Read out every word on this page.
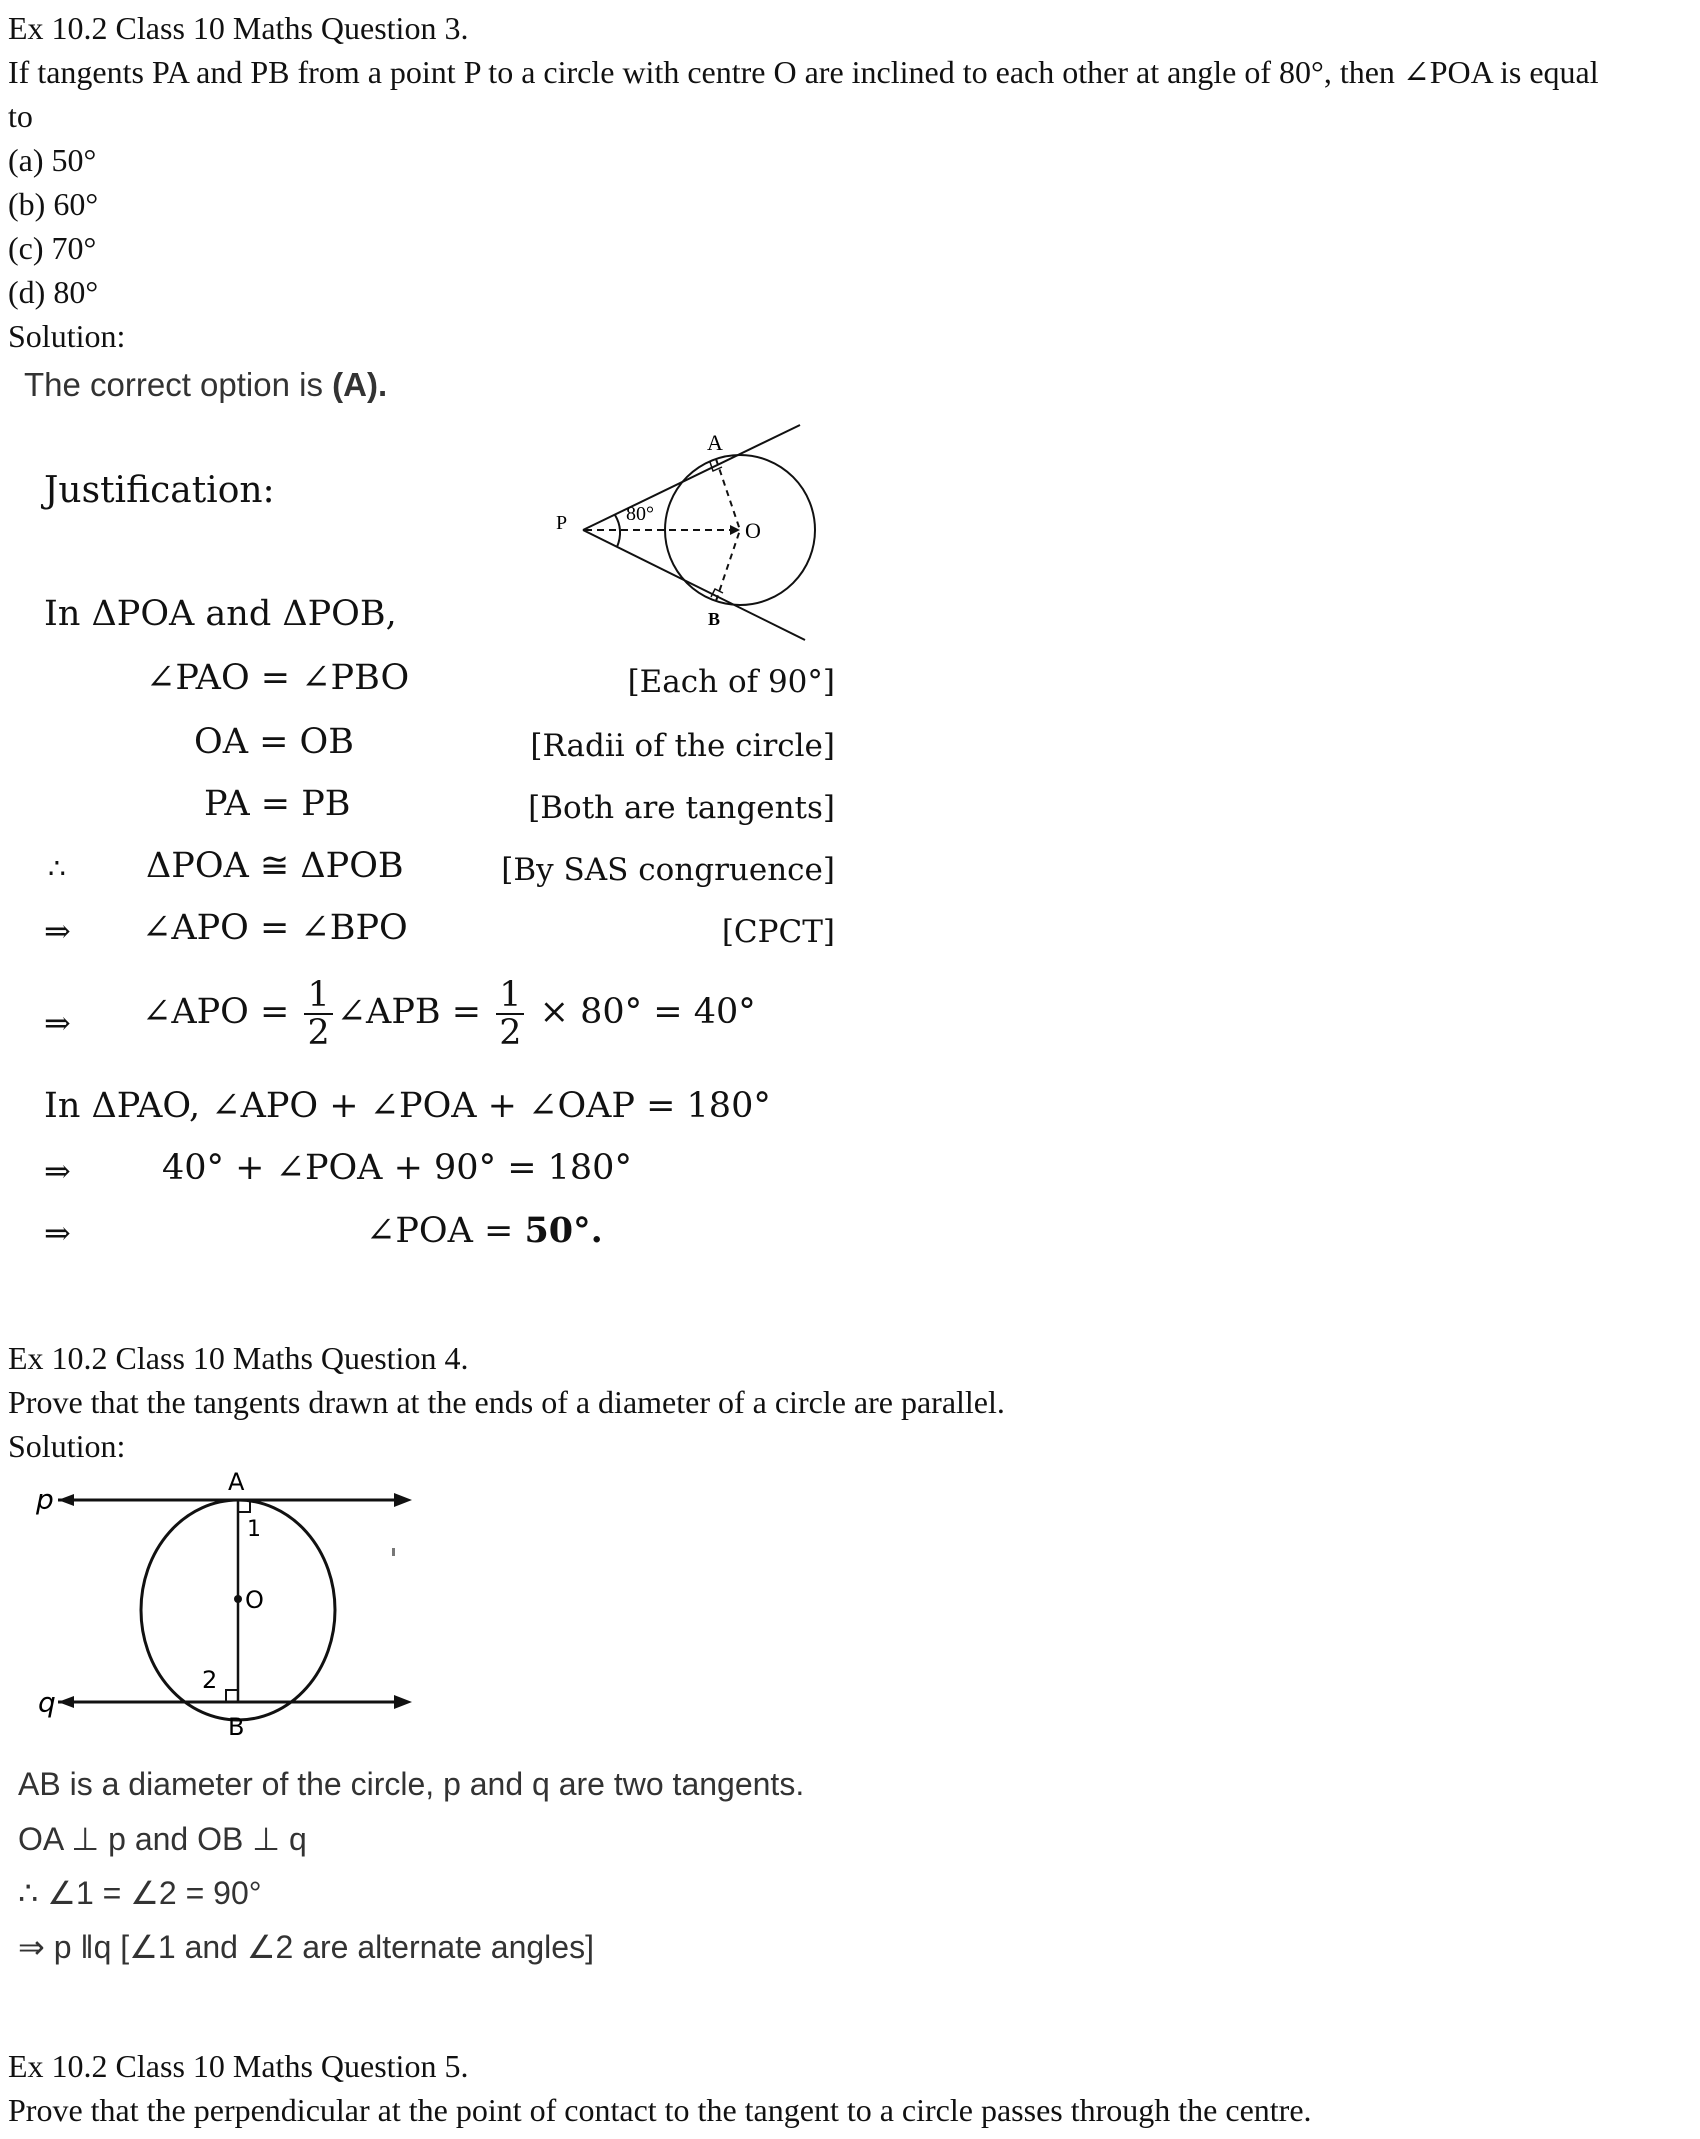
Ex 10.2 Class 10 Maths Question 3.
If tangents PA and PB from a point P to a circle with centre O are inclined to each other at angle of 80°, then ∠POA is equal
to
(a) 50°
(b) 60°
(c) 70°
(d) 80°
Solution:
The correct option is (A).
Justification:
A
P	O
B
80°
In ΔPOA and ΔPOB,
∠PAO = ∠PBO	[Each of 90°]
OA = OB	[Radii of the circle]
PA = PB	[Both are tangents]
∴ ΔPOA ≅ ΔPOB	[By SAS congruence]
⇒ ∠APO = ∠BPO	[CPCT]
⇒ ∠APO = $\frac{1}{2}$ ∠APB = $\frac{1}{2} \times 80^\circ = 40^\circ$
In ΔPAO, ∠APO + ∠POA + ∠OAP = 180°
⇒	40° + ∠POA + 90° = 180°
⇒	∠POA = 50°.
Ex 10.2 Class 10 Maths Question 4.
Prove that the tangents drawn at the ends of a diameter of a circle are parallel.
Solution:
p
q
A
B
O
1
2
AB is a diameter of the circle, p and q are two tangents.
OA ⊥ p and OB ⊥ q
∴ ∠1 = ∠2 = 90°
⇒ p ǁq [∠1 and ∠2 are alternate angles]
Ex 10.2 Class 10 Maths Question 5.
Prove that the perpendicular at the point of contact to the tangent to a circle passes through the centre.
